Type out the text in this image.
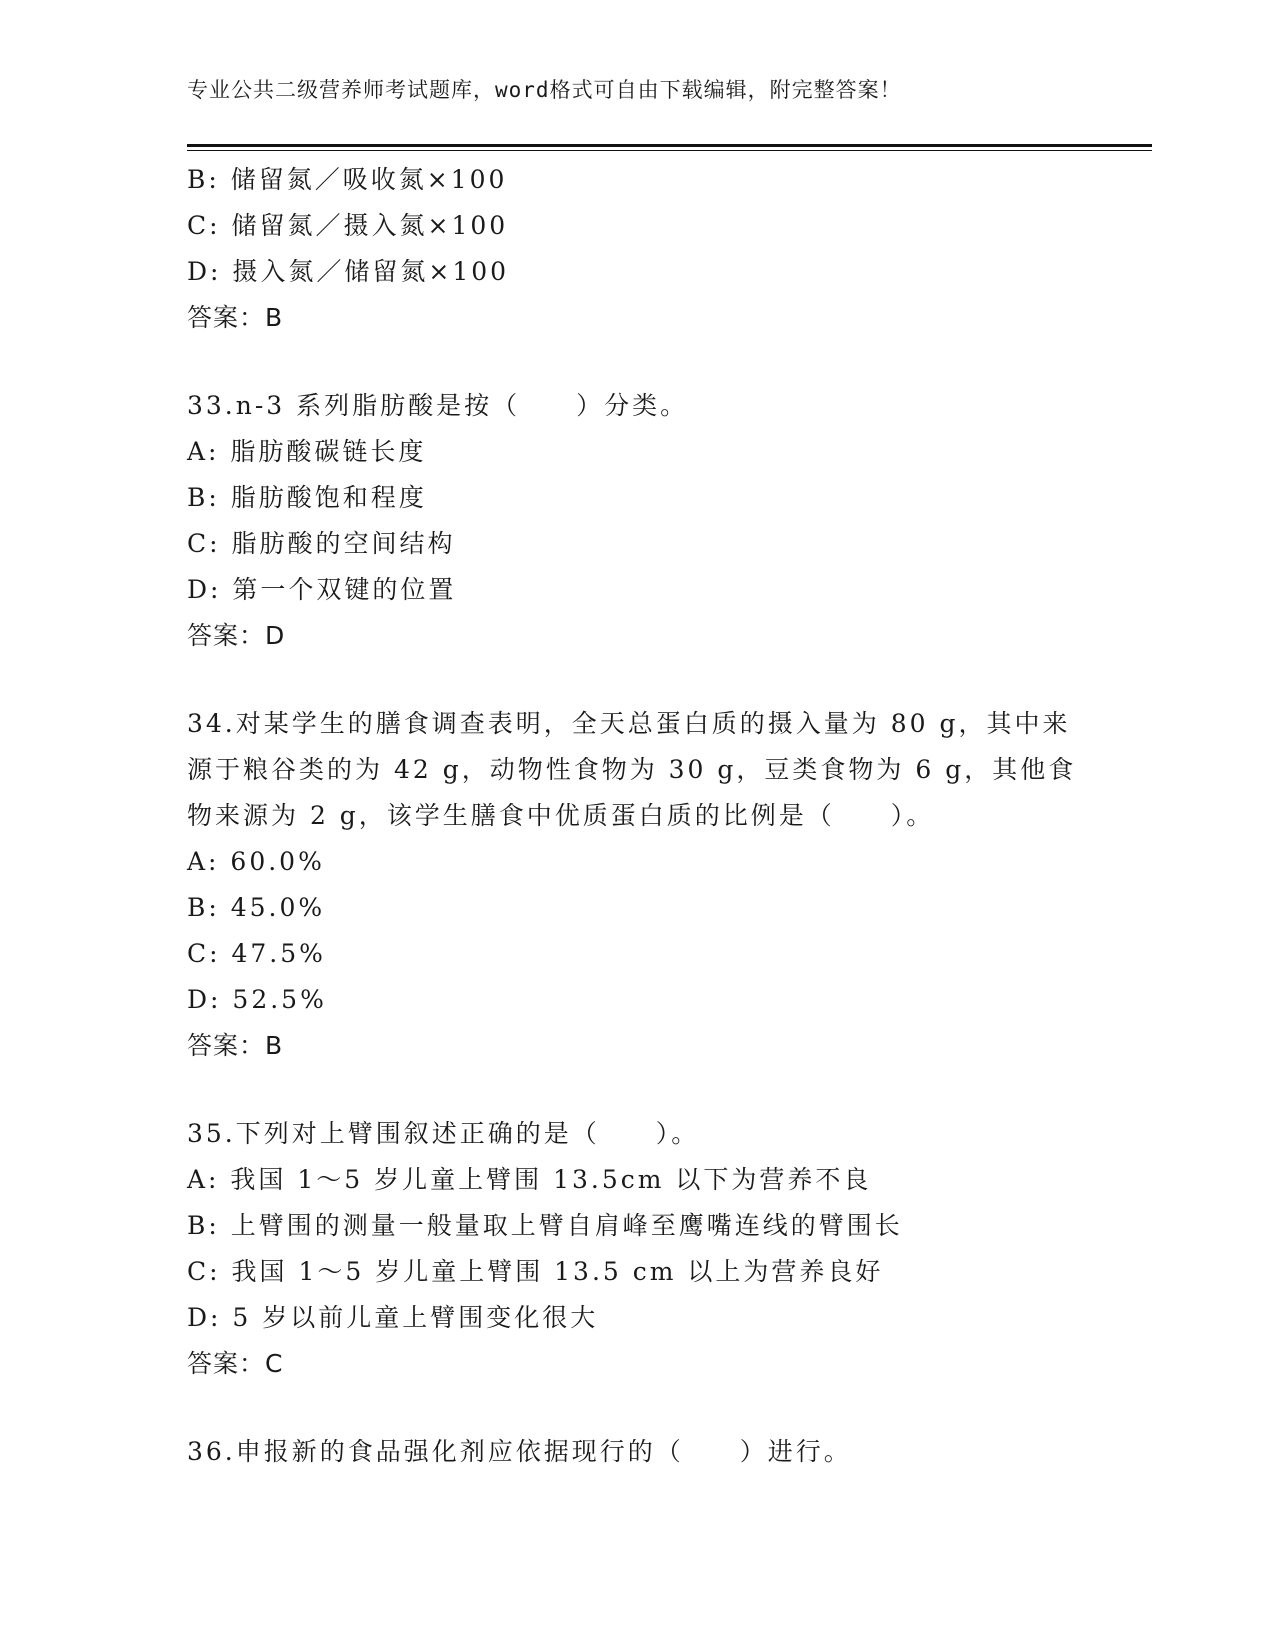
专业公共二级营养师考试题库，word格式可自由下载编辑，附完整答案！
B: 储留氮／吸收氮×100
C: 储留氮／摄入氮×100
D: 摄入氮／储留氮×100
答案：B
33.n-3 系列脂肪酸是按（　　）分类。
A: 脂肪酸碳链长度
B: 脂肪酸饱和程度
C: 脂肪酸的空间结构
D: 第一个双键的位置
答案：D
34.对某学生的膳食调查表明，全天总蛋白质的摄入量为 80 g，其中来
源于粮谷类的为 42 g，动物性食物为 30 g，豆类食物为 6 g，其他食
物来源为 2 g，该学生膳食中优质蛋白质的比例是（　　）。
A: 60.0%
B: 45.0%
C: 47.5%
D: 52.5%
答案：B
35.下列对上臂围叙述正确的是（　　）。
A: 我国 1～5 岁儿童上臂围 13.5cm 以下为营养不良
B: 上臂围的测量一般量取上臂自肩峰至鹰嘴连线的臂围长
C: 我国 1～5 岁儿童上臂围 13.5 cm 以上为营养良好
D: 5 岁以前儿童上臂围变化很大
答案：C
36.申报新的食品强化剂应依据现行的（　　）进行。
